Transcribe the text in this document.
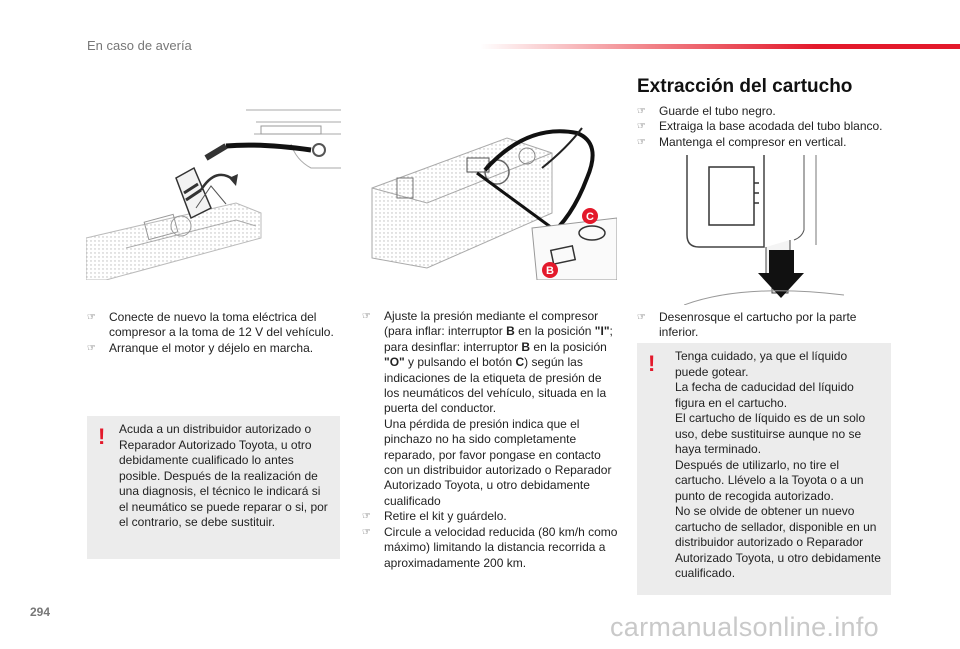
En caso de avería
C
B
☞ Conecte de nuevo la toma eléctrica del compresor a la toma de 12 V del vehículo.
☞ Arranque el motor y déjelo en marcha.
! Acuda a un distribuidor autorizado o Reparador Autorizado Toyota, u otro debidamente cualificado lo antes posible. Después de la realización de una diagnosis, el técnico le indicará si el neumático se puede reparar o si, por el contrario, se debe sustituir.
☞ Ajuste la presión mediante el compresor (para inflar: interruptor B en la posición "I"; para desinflar: interruptor B en la posición "O" y pulsando el botón C) según las indicaciones de la etiqueta de presión de los neumáticos del vehículo, situada en la puerta del conductor.
Una pérdida de presión indica que el pinchazo no ha sido completamente reparado, por favor pongase en contacto con un distribuidor autorizado o Reparador Autorizado Toyota, u otro debidamente cualificado
☞ Retire el kit y guárdelo.
☞ Circule a velocidad reducida (80 km/h como máximo) limitando la distancia recorrida a aproximadamente 200 km.
Extracción del cartucho
☞ Guarde el tubo negro.
☞ Extraiga la base acodada del tubo blanco.
☞ Mantenga el compresor en vertical.
☞ Desenrosque el cartucho por la parte inferior.
! Tenga cuidado, ya que el líquido puede gotear.
La fecha de caducidad del líquido figura en el cartucho.
El cartucho de líquido es de un solo uso, debe sustituirse aunque no se haya terminado.
Después de utilizarlo, no tire el cartucho. Llévelo a la Toyota o a un punto de recogida autorizado.
No se olvide de obtener un nuevo cartucho de sellador, disponible en un distribuidor autorizado o Reparador Autorizado Toyota, u otro debidamente cualificado.
294	carmanualsonline.info
